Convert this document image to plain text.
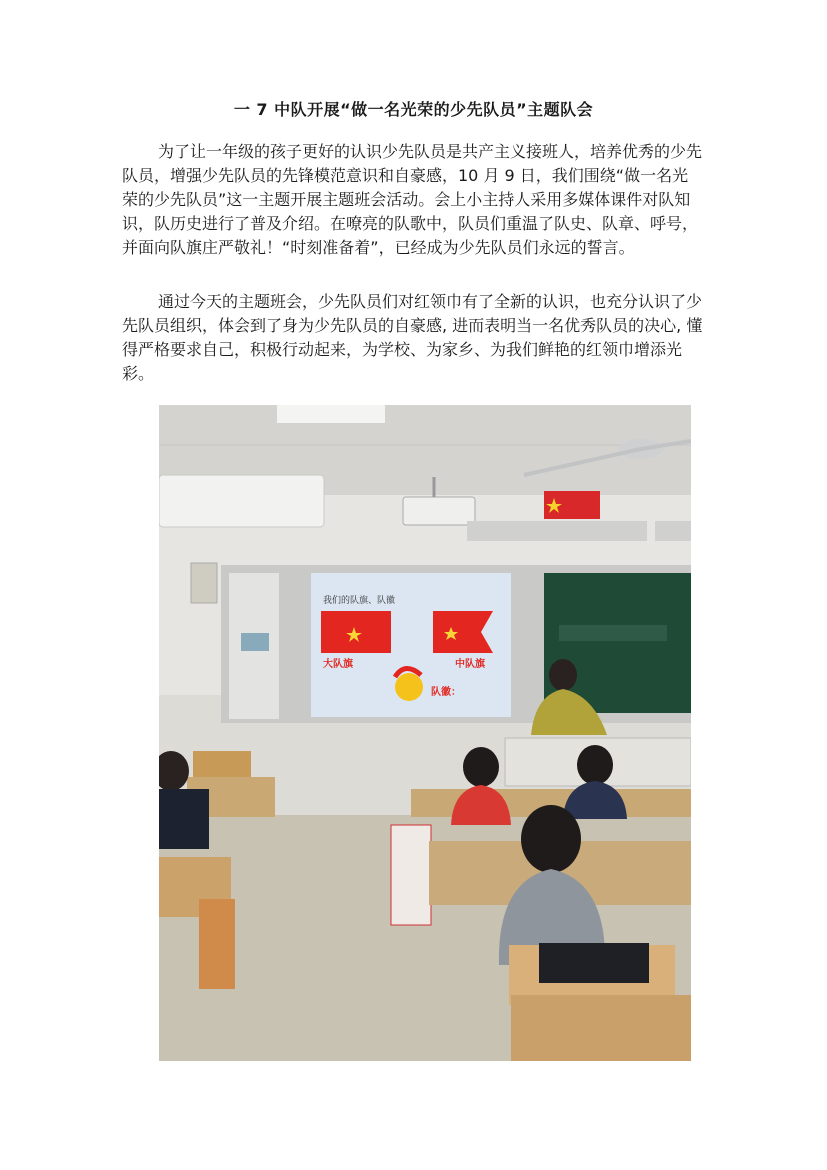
一 7 中队开展“做一名光荣的少先队员”主题队会

为了让一年级的孩子更好的认识少先队员是共产主义接班人，培养优秀的少先队员，增强少先队员的先锋模范意识和自豪感，10 月 9 日，我们围绕“做一名光荣的少先队员”这一主题开展主题班会活动。会上小主持人采用多媒体课件对队知识，队历史进行了普及介绍。在嘹亮的队歌中，队员们重温了队史、队章、呼号，并面向队旗庄严敬礼！“时刻准备着”，已经成为少先队员们永远的誓言。

通过今天的主题班会，少先队员们对红领巾有了全新的认识，也充分认识了少先队员组织，体会到了身为少先队员的自豪感, 进而表明当一名优秀队员的决心, 懂得严格要求自己，积极行动起来，为学校、为家乡、为我们鲜艳的红领巾增添光彩。

我们的队旗、队徽
大队旗	中队旗
队徽：
